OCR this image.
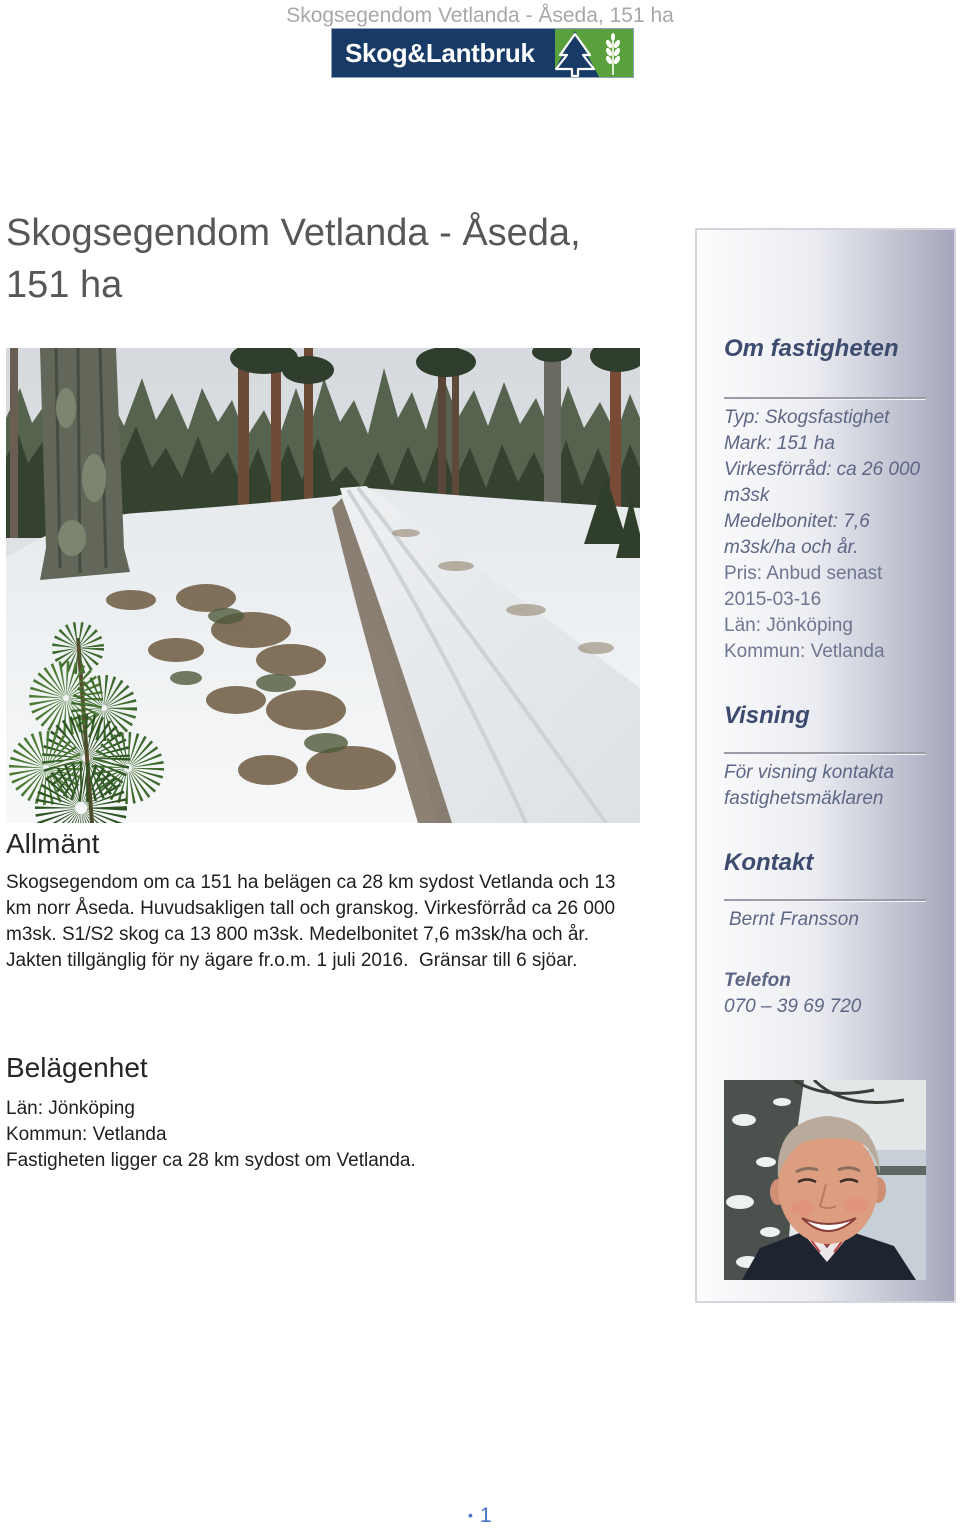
Skogsegendom Vetlanda - Åseda, 151 ha
Skog&Lantbruk
Skogsegendom Vetlanda - Åseda,
151 ha
Allmänt
Skogsegendom om ca 151 ha belägen ca 28 km sydost Vetlanda och 13
km norr Åseda. Huvudsakligen tall och granskog. Virkesförråd ca 26 000
m3sk. S1/S2 skog ca 13 800 m3sk. Medelbonitet 7,6 m3sk/ha och år.
Jakten tillgänglig för ny ägare fr.o.m. 1 juli 2016.  Gränsar till 6 sjöar.
Belägenhet
Län: Jönköping
Kommun: Vetlanda
Fastigheten ligger ca 28 km sydost om Vetlanda.
Om fastigheten
Typ: Skogsfastighet
Mark: 151 ha
Virkesförråd: ca 26 000
m3sk
Medelbonitet: 7,6
m3sk/ha och år.
Pris: Anbud senast
2015-03-16
Län: Jönköping
Kommun: Vetlanda
Visning
För visning kontakta
fastighetsmäklaren
Kontakt
Bernt Fransson
Telefon
070 – 39 69 720
• 1
